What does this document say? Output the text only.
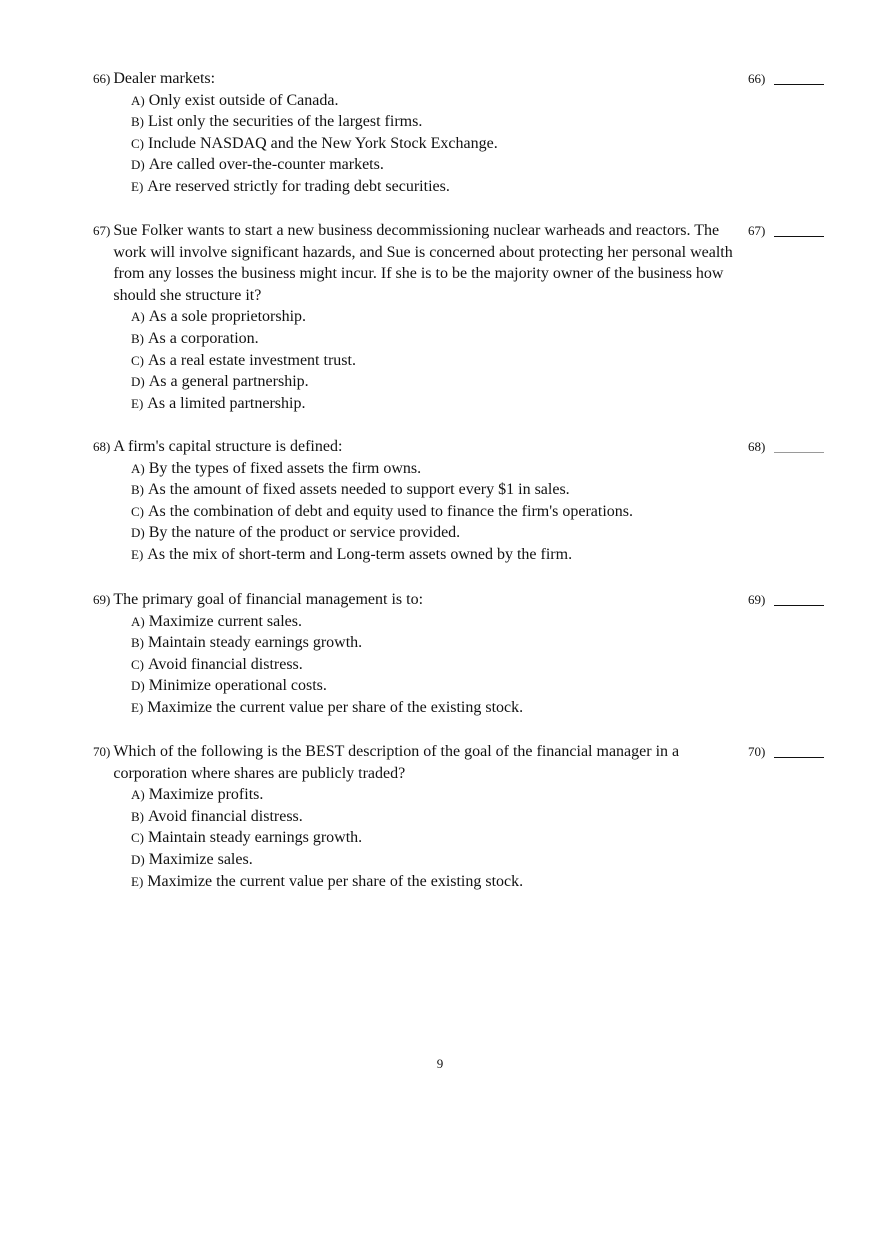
66) Dealer markets:
A) Only exist outside of Canada.
B) List only the securities of the largest firms.
C) Include NASDAQ and the New York Stock Exchange.
D) Are called over-the-counter markets.
E) Are reserved strictly for trading debt securities.
66)
67) Sue Folker wants to start a new business decommissioning nuclear warheads and reactors. The work will involve significant hazards, and Sue is concerned about protecting her personal wealth from any losses the business might incur. If she is to be the majority owner of the business how should she structure it?
A) As a sole proprietorship.
B) As a corporation.
C) As a real estate investment trust.
D) As a general partnership.
E) As a limited partnership.
67)
68) A firm's capital structure is defined:
A) By the types of fixed assets the firm owns.
B) As the amount of fixed assets needed to support every $1 in sales.
C) As the combination of debt and equity used to finance the firm's operations.
D) By the nature of the product or service provided.
E) As the mix of short-term and Long-term assets owned by the firm.
68)
69) The primary goal of financial management is to:
A) Maximize current sales.
B) Maintain steady earnings growth.
C) Avoid financial distress.
D) Minimize operational costs.
E) Maximize the current value per share of the existing stock.
69)
70) Which of the following is the BEST description of the goal of the financial manager in a corporation where shares are publicly traded?
A) Maximize profits.
B) Avoid financial distress.
C) Maintain steady earnings growth.
D) Maximize sales.
E) Maximize the current value per share of the existing stock.
70)
9
